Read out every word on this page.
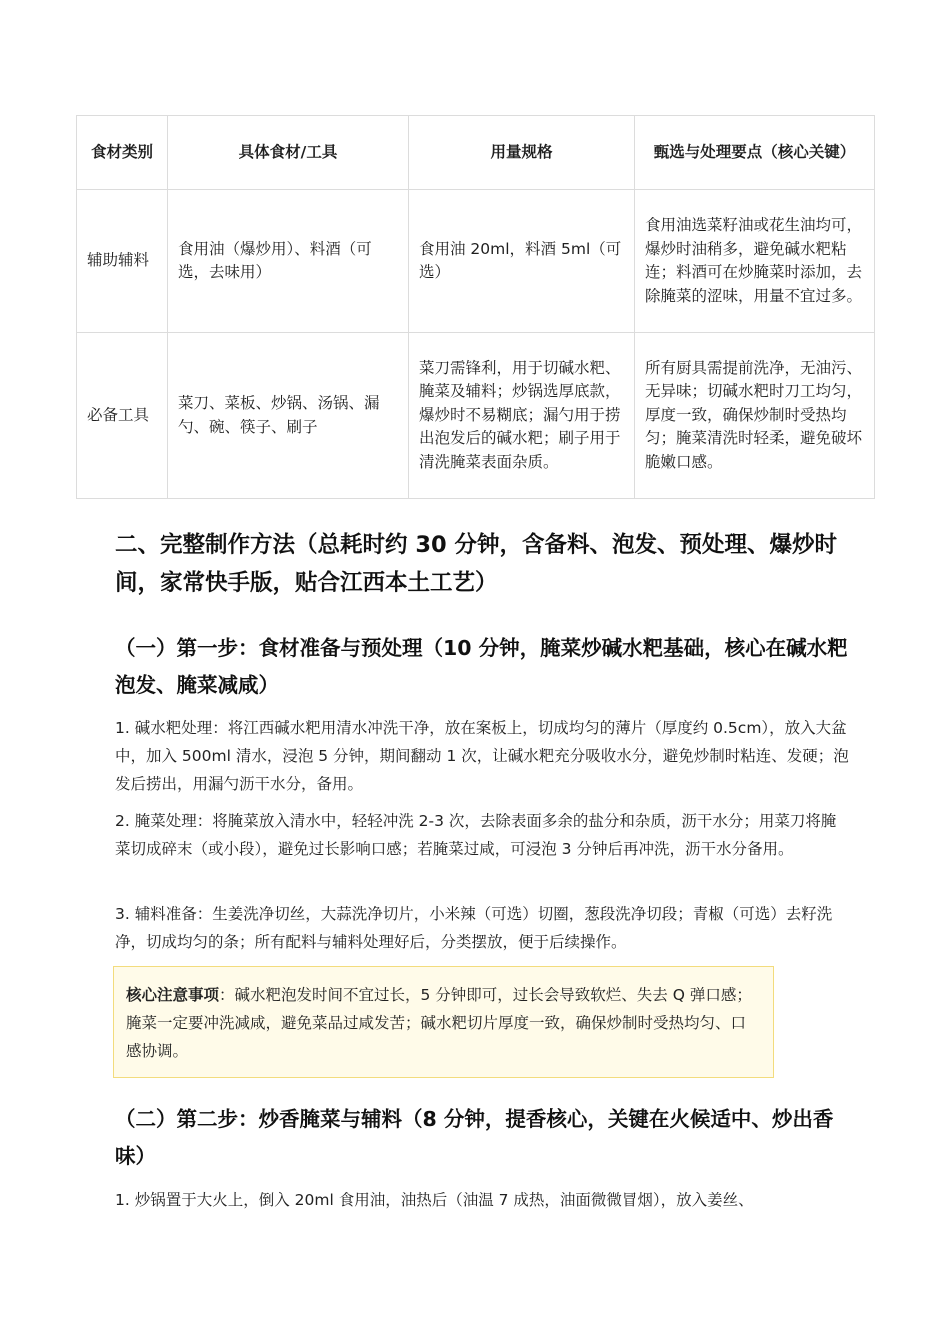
食材类别	具体食材/工具	用量规格	甄选与处理要点（核心关键）
辅助辅料	食用油（爆炒用）、料酒（可选，去味用）	食用油 20ml，料酒 5ml（可选）	食用油选菜籽油或花生油均可，爆炒时油稍多，避免碱水粑粘连；料酒可在炒腌菜时添加，去除腌菜的涩味，用量不宜过多。
必备工具	菜刀、菜板、炒锅、汤锅、漏勺、碗、筷子、刷子	菜刀需锋利，用于切碱水粑、腌菜及辅料；炒锅选厚底款，爆炒时不易糊底；漏勺用于捞出泡发后的碱水粑；刷子用于清洗腌菜表面杂质。	所有厨具需提前洗净，无油污、无异味；切碱水粑时刀工均匀，厚度一致，确保炒制时受热均匀；腌菜清洗时轻柔，避免破坏脆嫩口感。
二、完整制作方法（总耗时约 30 分钟，含备料、泡发、预处理、爆炒时间，家常快手版，贴合江西本土工艺）
（一）第一步：食材准备与预处理（10 分钟，腌菜炒碱水粑基础，核心在碱水粑泡发、腌菜减咸）
1. 碱水粑处理：将江西碱水粑用清水冲洗干净，放在案板上，切成均匀的薄片（厚度约 0.5cm），放入大盆中，加入 500ml 清水，浸泡 5 分钟，期间翻动 1 次，让碱水粑充分吸收水分，避免炒制时粘连、发硬；泡发后捞出，用漏勺沥干水分，备用。
2. 腌菜处理：将腌菜放入清水中，轻轻冲洗 2-3 次，去除表面多余的盐分和杂质，沥干水分；用菜刀将腌菜切成碎末（或小段），避免过长影响口感；若腌菜过咸，可浸泡 3 分钟后再冲洗，沥干水分备用。
3. 辅料准备：生姜洗净切丝，大蒜洗净切片，小米辣（可选）切圈，葱段洗净切段；青椒（可选）去籽洗净，切成均匀的条；所有配料与辅料处理好后，分类摆放，便于后续操作。
核心注意事项：碱水粑泡发时间不宜过长，5 分钟即可，过长会导致软烂、失去 Q 弹口感；腌菜一定要冲洗减咸，避免菜品过咸发苦；碱水粑切片厚度一致，确保炒制时受热均匀、口感协调。
（二）第二步：炒香腌菜与辅料（8 分钟，提香核心，关键在火候适中、炒出香味）
1. 炒锅置于大火上，倒入 20ml 食用油，油热后（油温 7 成热，油面微微冒烟），放入姜丝、
